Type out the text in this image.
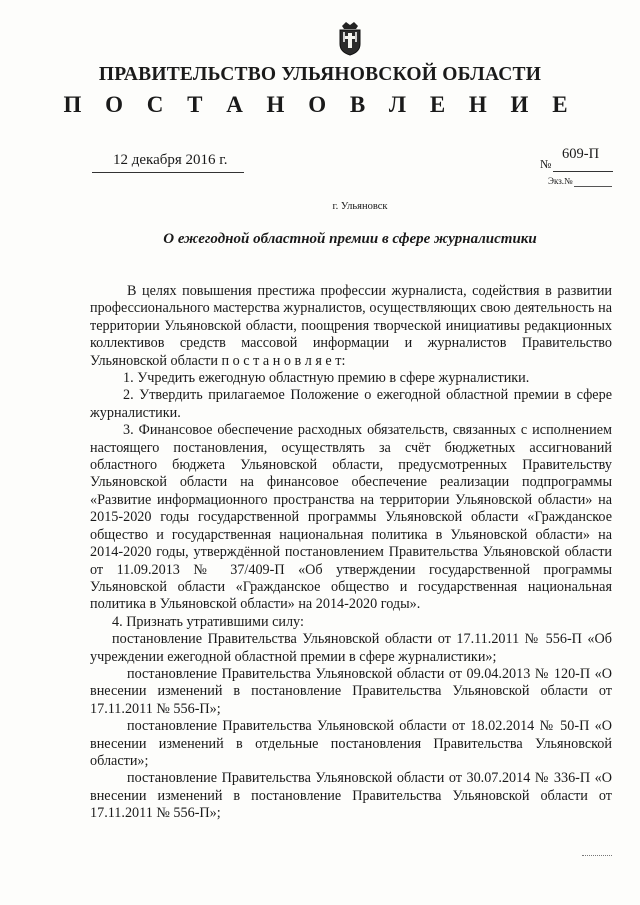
ПРАВИТЕЛЬСТВО УЛЬЯНОВСКОЙ ОБЛАСТИ
П О С Т А Н О В Л Е Н И Е
12 декабря 2016 г.	609-П
№
Экз.№
г. Ульяновск
О ежегодной областной премии в сфере журналистики

В целях повышения престижа профессии журналиста, содействия в развитии профессионального мастерства журналистов, осуществляющих свою деятельность на территории Ульяновской области, поощрения творческой инициативы редакционных коллективов средств массовой информации и журналистов Правительство Ульяновской области п о с т а н о в л я е т:

1. Учредить ежегодную областную премию в сфере журналистики.

2. Утвердить прилагаемое Положение о ежегодной областной премии в сфере журналистики.

3. Финансовое обеспечение расходных обязательств, связанных с исполнением настоящего постановления, осуществлять за счёт бюджетных ассигнований областного бюджета Ульяновской области, предусмотренных Правительству Ульяновской области на финансовое обеспечение реализации подпрограммы «Развитие информационного пространства на территории Ульяновской области» на 2015-2020 годы государственной программы Ульяновской области «Гражданское общество и государственная национальная политика в Ульяновской области» на 2014-2020 годы, утверждённой постановлением Правительства Ульяновской области от 11.09.2013 № 37/409-П «Об утверждении государственной программы Ульяновской области «Гражданское общество и государственная национальная политика в Ульяновской области» на 2014-2020 годы».

4. Признать утратившими силу:

постановление Правительства Ульяновской области от 17.11.2011 № 556-П «Об учреждении ежегодной областной премии в сфере журналистики»;

постановление Правительства Ульяновской области от 09.04.2013 № 120-П «О внесении изменений в постановление Правительства Ульяновской области от 17.11.2011 № 556-П»;

постановление Правительства Ульяновской области от 18.02.2014 № 50-П «О внесении изменений в отдельные постановления Правительства Ульяновской области»;

постановление Правительства Ульяновской области от 30.07.2014 № 336-П «О внесении изменений в постановление Правительства Ульяновской области от 17.11.2011 № 556-П»;
